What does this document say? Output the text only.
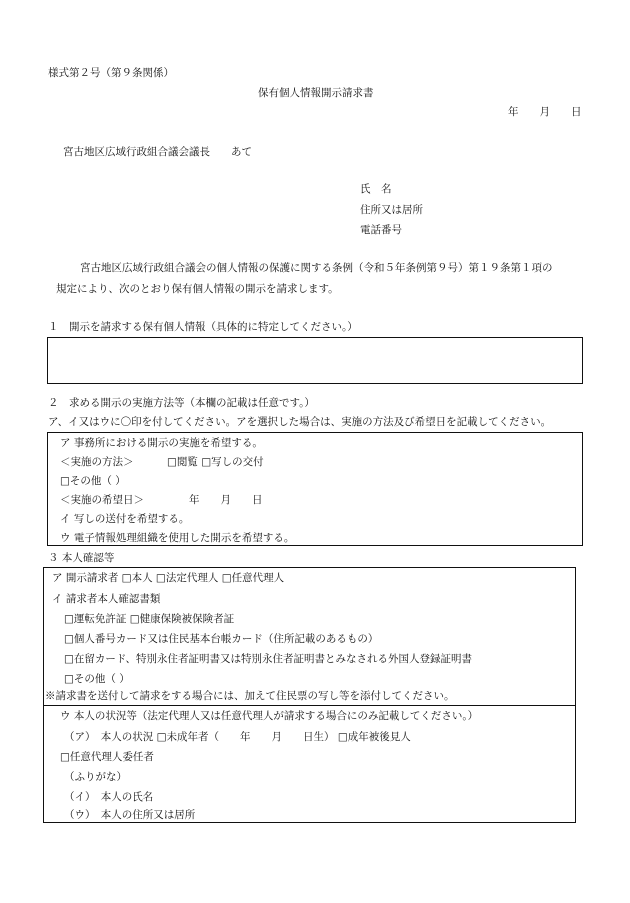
様式第２号（第９条関係）
保有個人情報開示請求書
年　　月　　日
宮古地区広域行政組合議会議長　　あて
氏　名
住所又は居所
電話番号
宮古地区広域行政組合議会の個人情報の保護に関する条例（令和５年条例第９号）第１９条第１項の
規定により、次のとおり保有個人情報の開示を請求します。
１　開示を請求する保有個人情報（具体的に特定してください。）
２　求める開示の実施方法等（本欄の記載は任意です。）
ア、イ又はウに〇印を付してください。アを選択した場合は、実施の方法及び希望日を記載してください。
ア 事務所における開示の実施を希望する。
＜実施の方法＞	□閲覧 □写しの交付
□その他（ ）
＜実施の希望日＞	年　　月　　日
イ 写しの送付を希望する。
ウ 電子情報処理組織を使用した開示を希望する。
３ 本人確認等
ア 開示請求者 □本人 □法定代理人 □任意代理人
イ 請求者本人確認書類
□運転免許証 □健康保険被保険者証
□個人番号カード又は住民基本台帳カード（住所記載のあるもの）
□在留カード、特別永住者証明書又は特別永住者証明書とみなされる外国人登録証明書
□その他（ ）
※請求書を送付して請求をする場合には、加えて住民票の写し等を添付してください。
ウ 本人の状況等（法定代理人又は任意代理人が請求する場合にのみ記載してください。）
（ア）　本人の状況 □未成年者（　　年　　月　　日生） □成年被後見人
□任意代理人委任者
（ふりがな）
（イ）　本人の氏名
（ウ）　本人の住所又は居所
